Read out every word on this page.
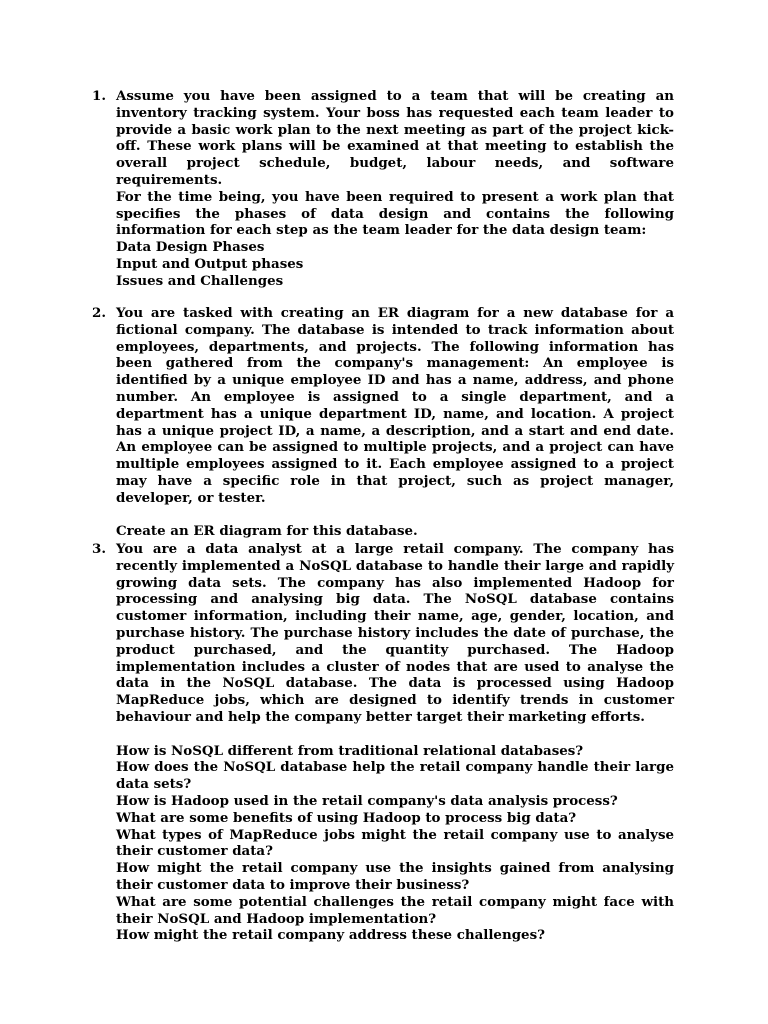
1. Assume you have been assigned to a team that will be creating an inventory tracking system. Your boss has requested each team leader to provide a basic work plan to the next meeting as part of the project kick-off. These work plans will be examined at that meeting to establish the overall project schedule, budget, labour needs, and software requirements.

For the time being, you have been required to present a work plan that specifies the phases of data design and contains the following information for each step as the team leader for the data design team:

Data Design Phases

Input and Output phases

Issues and Challenges

2. You are tasked with creating an ER diagram for a new database for a fictional company. The database is intended to track information about employees, departments, and projects. The following information has been gathered from the company's management: An employee is identified by a unique employee ID and has a name, address, and phone number. An employee is assigned to a single department, and a department has a unique department ID, name, and location. A project has a unique project ID, a name, a description, and a start and end date. An employee can be assigned to multiple projects, and a project can have multiple employees assigned to it. Each employee assigned to a project may have a specific role in that project, such as project manager, developer, or tester.

Create an ER diagram for this database.

3. You are a data analyst at a large retail company. The company has recently implemented a NoSQL database to handle their large and rapidly growing data sets. The company has also implemented Hadoop for processing and analysing big data. The NoSQL database contains customer information, including their name, age, gender, location, and purchase history. The purchase history includes the date of purchase, the product purchased, and the quantity purchased. The Hadoop implementation includes a cluster of nodes that are used to analyse the data in the NoSQL database. The data is processed using Hadoop MapReduce jobs, which are designed to identify trends in customer behaviour and help the company better target their marketing efforts.

How is NoSQL different from traditional relational databases?

How does the NoSQL database help the retail company handle their large data sets?

How is Hadoop used in the retail company's data analysis process?

What are some benefits of using Hadoop to process big data?

What types of MapReduce jobs might the retail company use to analyse their customer data?

How might the retail company use the insights gained from analysing their customer data to improve their business?

What are some potential challenges the retail company might face with their NoSQL and Hadoop implementation?

How might the retail company address these challenges?
